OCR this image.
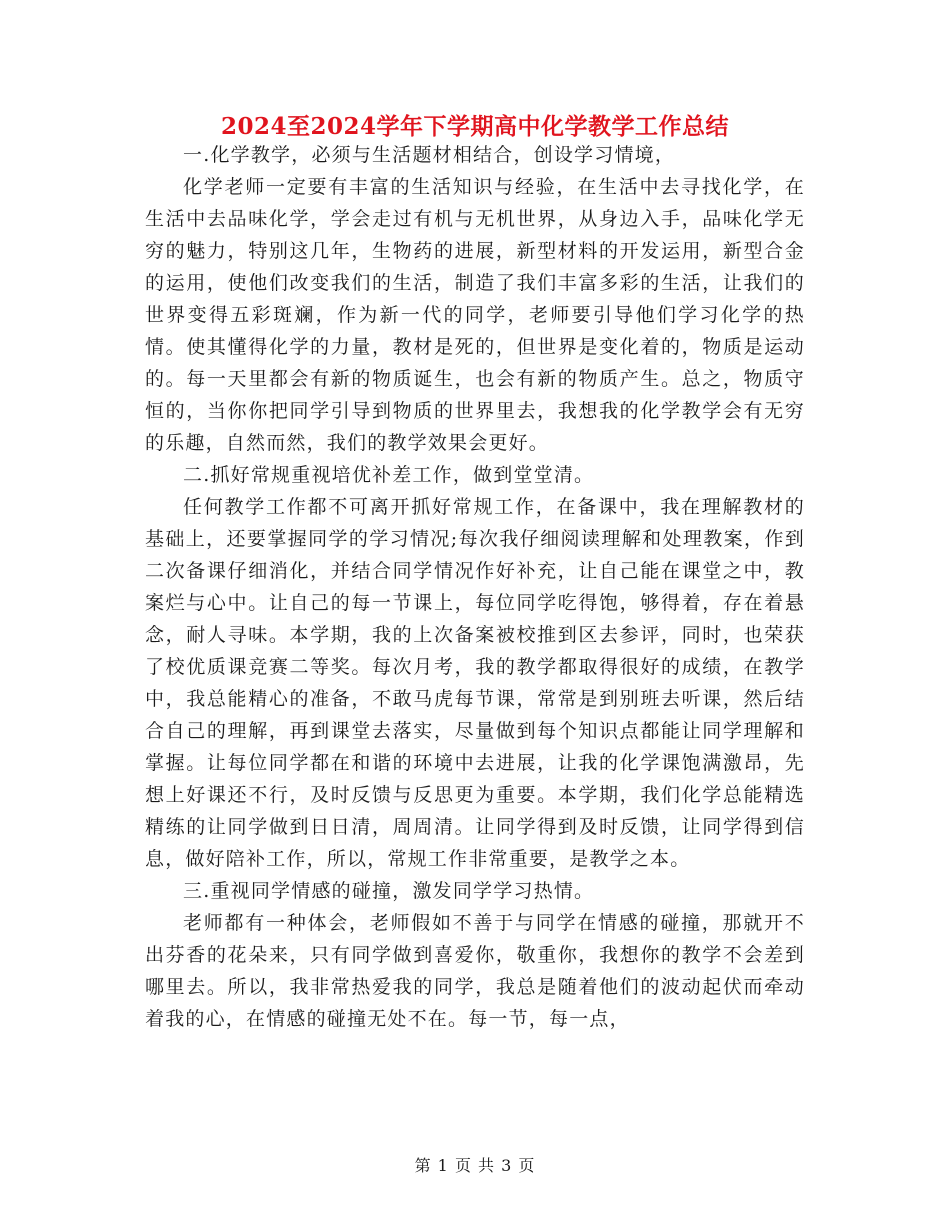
2024至2024学年下学期高中化学教学工作总结

一.化学教学，必须与生活题材相结合，创设学习情境，

化学老师一定要有丰富的生活知识与经验，在生活中去寻找化学，在生活中去品味化学，学会走过有机与无机世界，从身边入手，品味化学无穷的魅力，特别这几年，生物药的进展，新型材料的开发运用，新型合金的运用，使他们改变我们的生活，制造了我们丰富多彩的生活，让我们的世界变得五彩斑斓，作为新一代的同学，老师要引导他们学习化学的热情。使其懂得化学的力量，教材是死的，但世界是变化着的，物质是运动的。每一天里都会有新的物质诞生，也会有新的物质产生。总之，物质守恒的，当你你把同学引导到物质的世界里去，我想我的化学教学会有无穷的乐趣，自然而然，我们的教学效果会更好。

二.抓好常规重视培优补差工作，做到堂堂清。

任何教学工作都不可离开抓好常规工作，在备课中，我在理解教材的基础上，还要掌握同学的学习情况;每次我仔细阅读理解和处理教案，作到二次备课仔细消化，并结合同学情况作好补充，让自己能在课堂之中，教案烂与心中。让自己的每一节课上，每位同学吃得饱，够得着，存在着悬念，耐人寻味。本学期，我的上次备案被校推到区去参评，同时，也荣获了校优质课竞赛二等奖。每次月考，我的教学都取得很好的成绩，在教学中，我总能精心的准备，不敢马虎每节课，常常是到别班去听课，然后结合自己的理解，再到课堂去落实，尽量做到每个知识点都能让同学理解和掌握。让每位同学都在和谐的环境中去进展，让我的化学课饱满激昂，先想上好课还不行，及时反馈与反思更为重要。本学期，我们化学总能精选精练的让同学做到日日清，周周清。让同学得到及时反馈，让同学得到信息，做好陪补工作，所以，常规工作非常重要，是教学之本。

三.重视同学情感的碰撞，激发同学学习热情。

老师都有一种体会，老师假如不善于与同学在情感的碰撞，那就开不出芬香的花朵来，只有同学做到喜爱你，敬重你，我想你的教学不会差到哪里去。所以，我非常热爱我的同学，我总是随着他们的波动起伏而牵动着我的心，在情感的碰撞无处不在。每一节，每一点，

第 1 页 共 3 页
